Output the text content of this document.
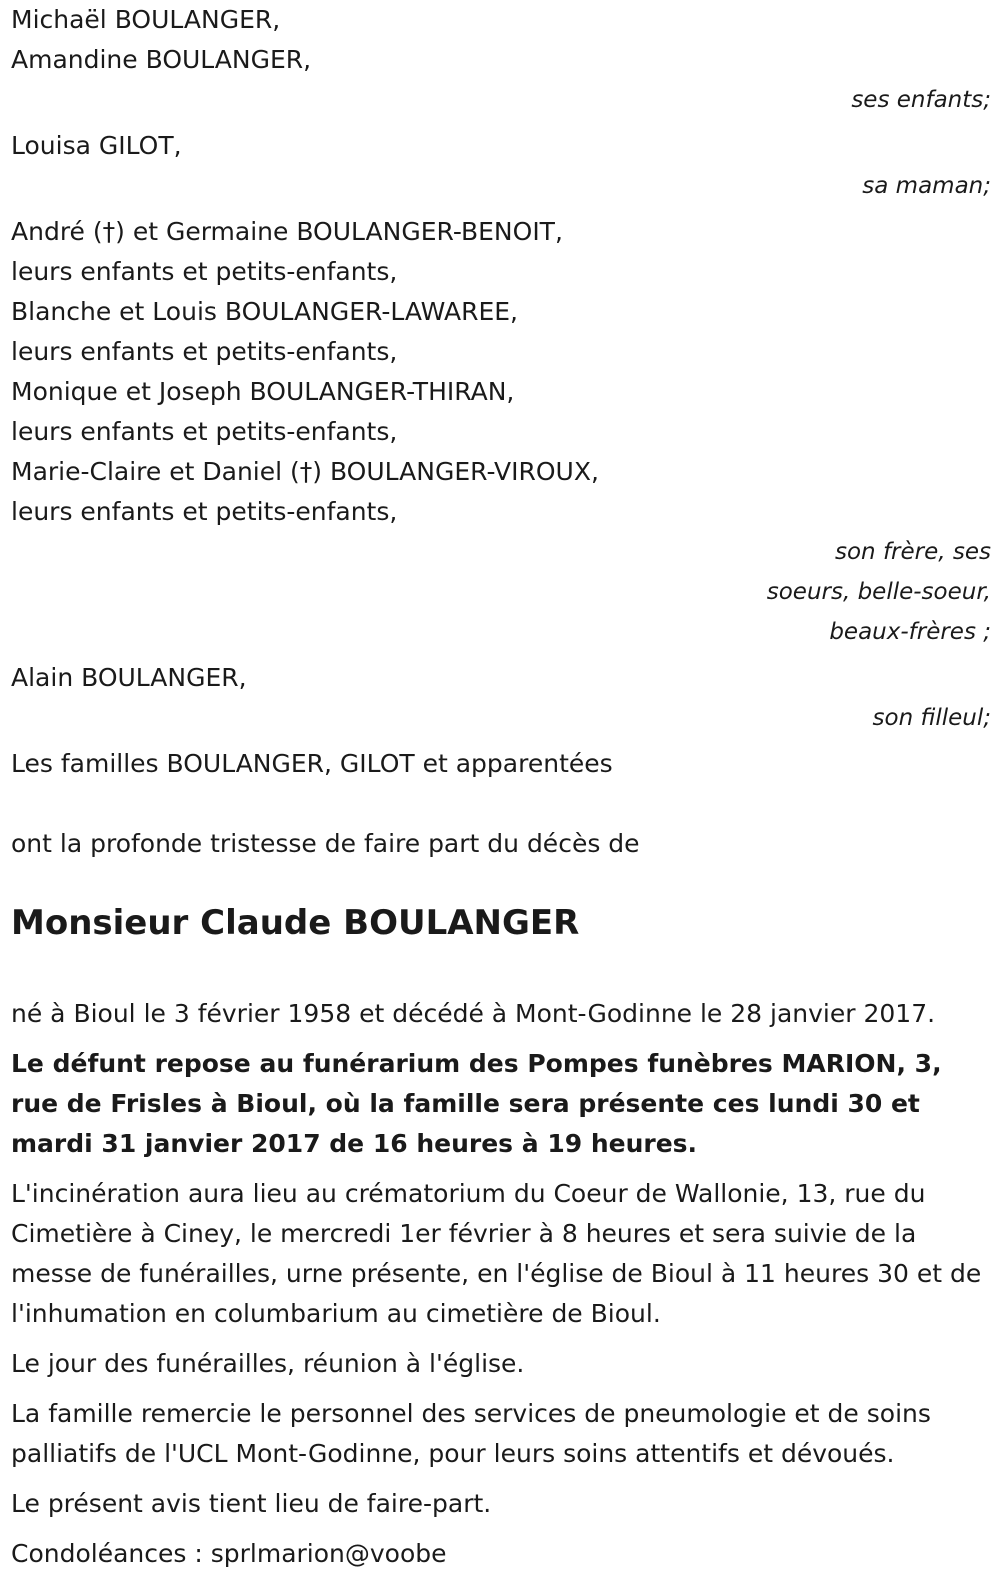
Michaël BOULANGER,
Amandine BOULANGER,
ses enfants;
Louisa GILOT,
sa maman;
André (†) et Germaine BOULANGER-BENOIT,
leurs enfants et petits-enfants,
Blanche et Louis BOULANGER-LAWAREE,
leurs enfants et petits-enfants,
Monique et Joseph BOULANGER-THIRAN,
leurs enfants et petits-enfants,
Marie-Claire et Daniel (†) BOULANGER-VIROUX,
leurs enfants et petits-enfants,
son frère, ses
soeurs, belle-soeur,
beaux-frères ;
Alain BOULANGER,
son filleul;
Les familles BOULANGER, GILOT et apparentées
ont la profonde tristesse de faire part du décès de
Monsieur Claude BOULANGER

né à Bioul le 3 février 1958 et décédé à Mont-Godinne le 28 janvier 2017.

Le défunt repose au funérarium des Pompes funèbres MARION, 3, rue de Frisles à Bioul, où la famille sera présente ces lundi 30 et mardi 31 janvier 2017 de 16 heures à 19 heures.

L'incinération aura lieu au crématorium du Coeur de Wallonie, 13, rue du Cimetière à Ciney, le mercredi 1er février à 8 heures et sera suivie de la messe de funérailles, urne présente, en l'église de Bioul à 11 heures 30 et de l'inhumation en columbarium au cimetière de Bioul.

Le jour des funérailles, réunion à l'église.

La famille remercie le personnel des services de pneumologie et de soins palliatifs de l'UCL Mont-Godinne, pour leurs soins attentifs et dévoués.

Le présent avis tient lieu de faire-part.

Condoléances : sprlmarion@voobe
